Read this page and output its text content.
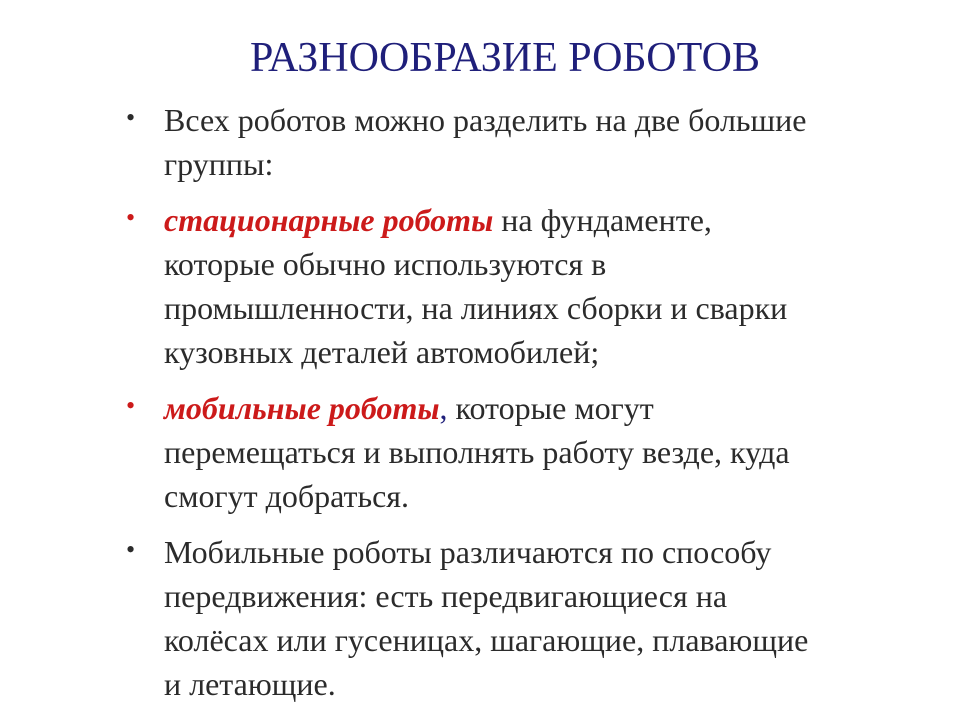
РАЗНООБРАЗИЕ РОБОТОВ
• Всех роботов можно разделить на две большие
группы:
• стационарные роботы на фундаменте,
которые обычно используются в
промышленности, на линиях сборки и сварки
кузовных деталей автомобилей;
• мобильные роботы, которые могут
перемещаться и выполнять работу везде, куда
смогут добраться.
• Мобильные роботы различаются по способу
передвижения: есть передвигающиеся на
колёсах или гусеницах, шагающие, плавающие
и летающие.
